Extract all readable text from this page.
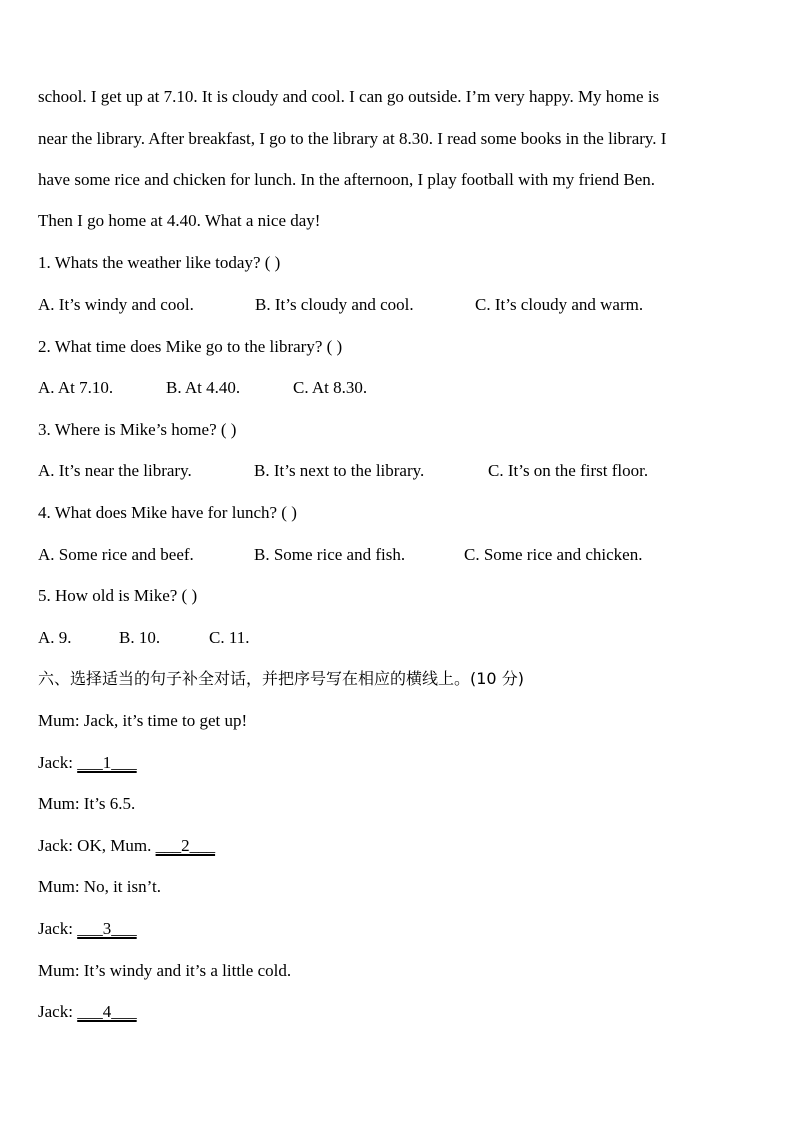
school. I get up at 7.10. It is cloudy and cool. I can go outside. I’m very happy. My home is
near the library. After breakfast, I go to the library at 8.30. I read some books in the library. I
have some rice and chicken for lunch. In the afternoon, I play football with my friend Ben.
Then I go home at 4.40. What a nice day!
1. Whats the weather like today? ( )
A. It’s windy and cool.	B. It’s cloudy and cool.	C. It’s cloudy and warm.
2. What time does Mike go to the library? ( )
A. At 7.10.	B. At 4.40.	C. At 8.30.
3. Where is Mike’s home? ( )
A. It’s near the library.	B. It’s next to the library.	C. It’s on the first floor.
4. What does Mike have for lunch? ( )
A. Some rice and beef.	B. Some rice and fish.	C. Some rice and chicken.
5. How old is Mike? ( )
A. 9.	B. 10.	C. 11.
六、选择适当的句子补全对话，并把序号写在相应的横线上。(10 分)
Mum: Jack, it’s time to get up!
Jack: ___1___
Mum: It’s 6.5.
Jack: OK, Mum. ___2___
Mum: No, it isn’t.
Jack: ___3___
Mum: It’s windy and it’s a little cold.
Jack: ___4___
